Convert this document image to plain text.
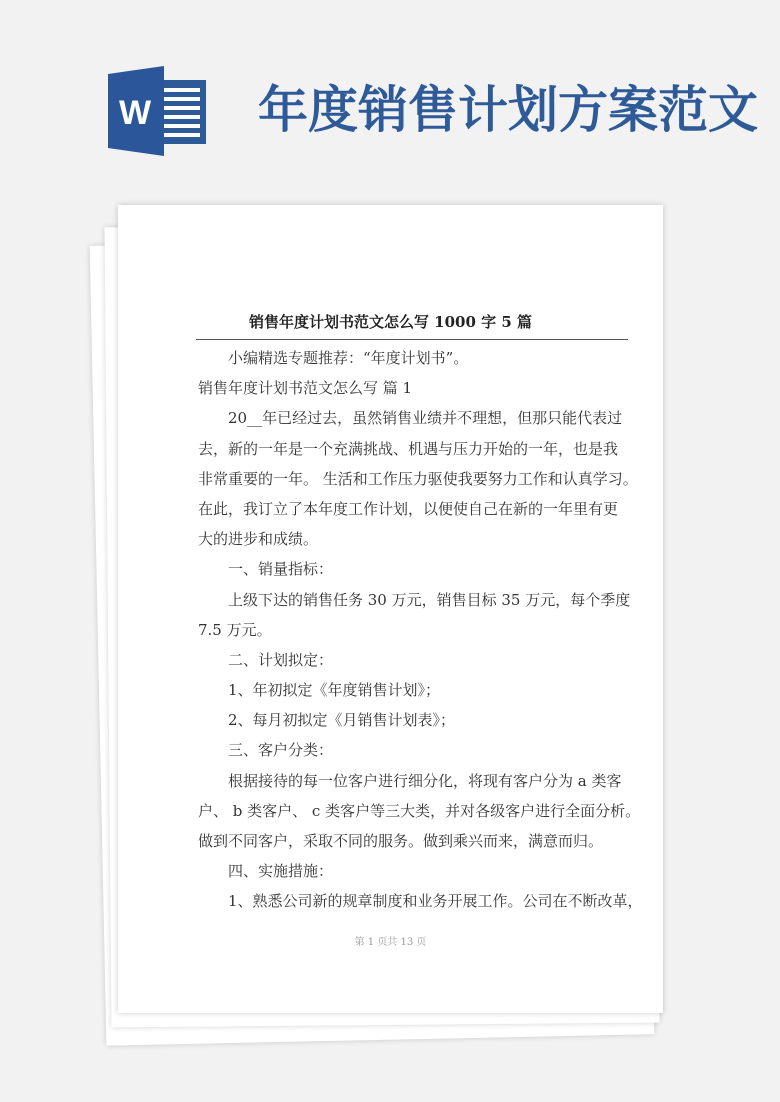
W 年度销售计划方案范文
销售年度计划书范文怎么写 1000 字 5 篇
小编精选专题推荐：“年度计划书”。
销售年度计划书范文怎么写 篇 1
20__年已经过去，虽然销售业绩并不理想，但那只能代表过
去，新的一年是一个充满挑战、机遇与压力开始的一年，也是我
非常重要的一年。 生活和工作压力驱使我要努力工作和认真学习。
在此，我订立了本年度工作计划，以便使自己在新的一年里有更
大的进步和成绩。
一、销量指标：
上级下达的销售任务 30 万元，销售目标 35 万元，每个季度
7.5 万元。
二、计划拟定：
1、年初拟定《年度销售计划》；
2、每月初拟定《月销售计划表》；
三、客户分类：
根据接待的每一位客户进行细分化，将现有客户分为 a 类客
户、 b 类客户、 c 类客户等三大类，并对各级客户进行全面分析。
做到不同客户，采取不同的服务。做到乘兴而来，满意而归。
四、实施措施：
1、熟悉公司新的规章制度和业务开展工作。公司在不断改革，
第 1 页共 13 页
